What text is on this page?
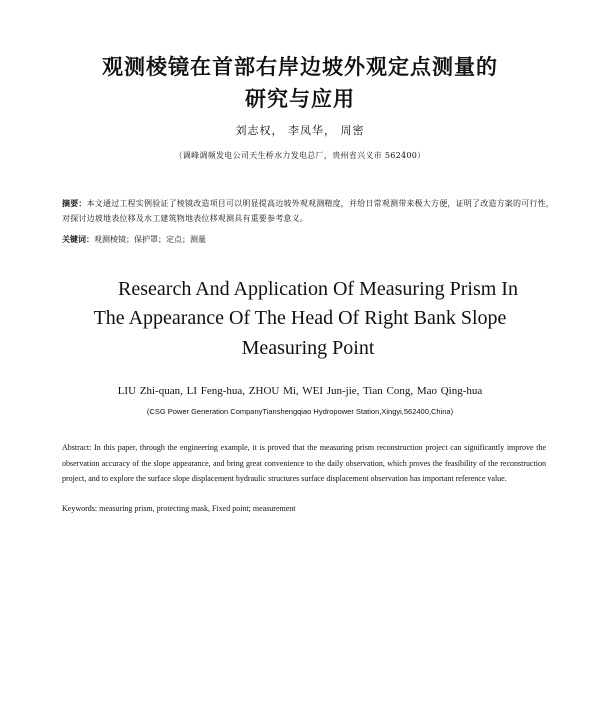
观测棱镜在首部右岸边坡外观定点测量的
研究与应用
刘志权， 李凤华， 周密
（调峰调频发电公司天生桥水力发电总厂，贵州省兴义市 562400）
摘要：本文通过工程实例验证了棱镜改造项目可以明显提高边坡外观观测精度，并给日常观测带来极大方便，证明了改造方案的可行性，对探讨边坡地表位移及水工建筑物地表位移观测具有重要参考意义。
关键词：观测棱镜；保护罩；定点；测量
Research And Application Of Measuring Prism In
The Appearance Of The Head Of Right Bank Slope
Measuring Point
LIU Zhi-quan, LI Feng-hua, ZHOU Mi, WEI Jun-jie, Tian Cong, Mao Qing-hua
(CSG Power Generation CompanyTianshengqiao Hydropower Station,Xingyi,562400,China)
Abstract: In this paper, through the engineering example, it is proved that the measuring prism reconstruction project can significantly improve the observation accuracy of the slope appearance, and bring great convenience to the daily observation, which proves the feasibility of the reconstruction project, and to explore the surface slope displacement hydraulic structures surface displacement observation has important reference value.
Keywords: measuring prism, protecting mask, Fixed point; measurement
